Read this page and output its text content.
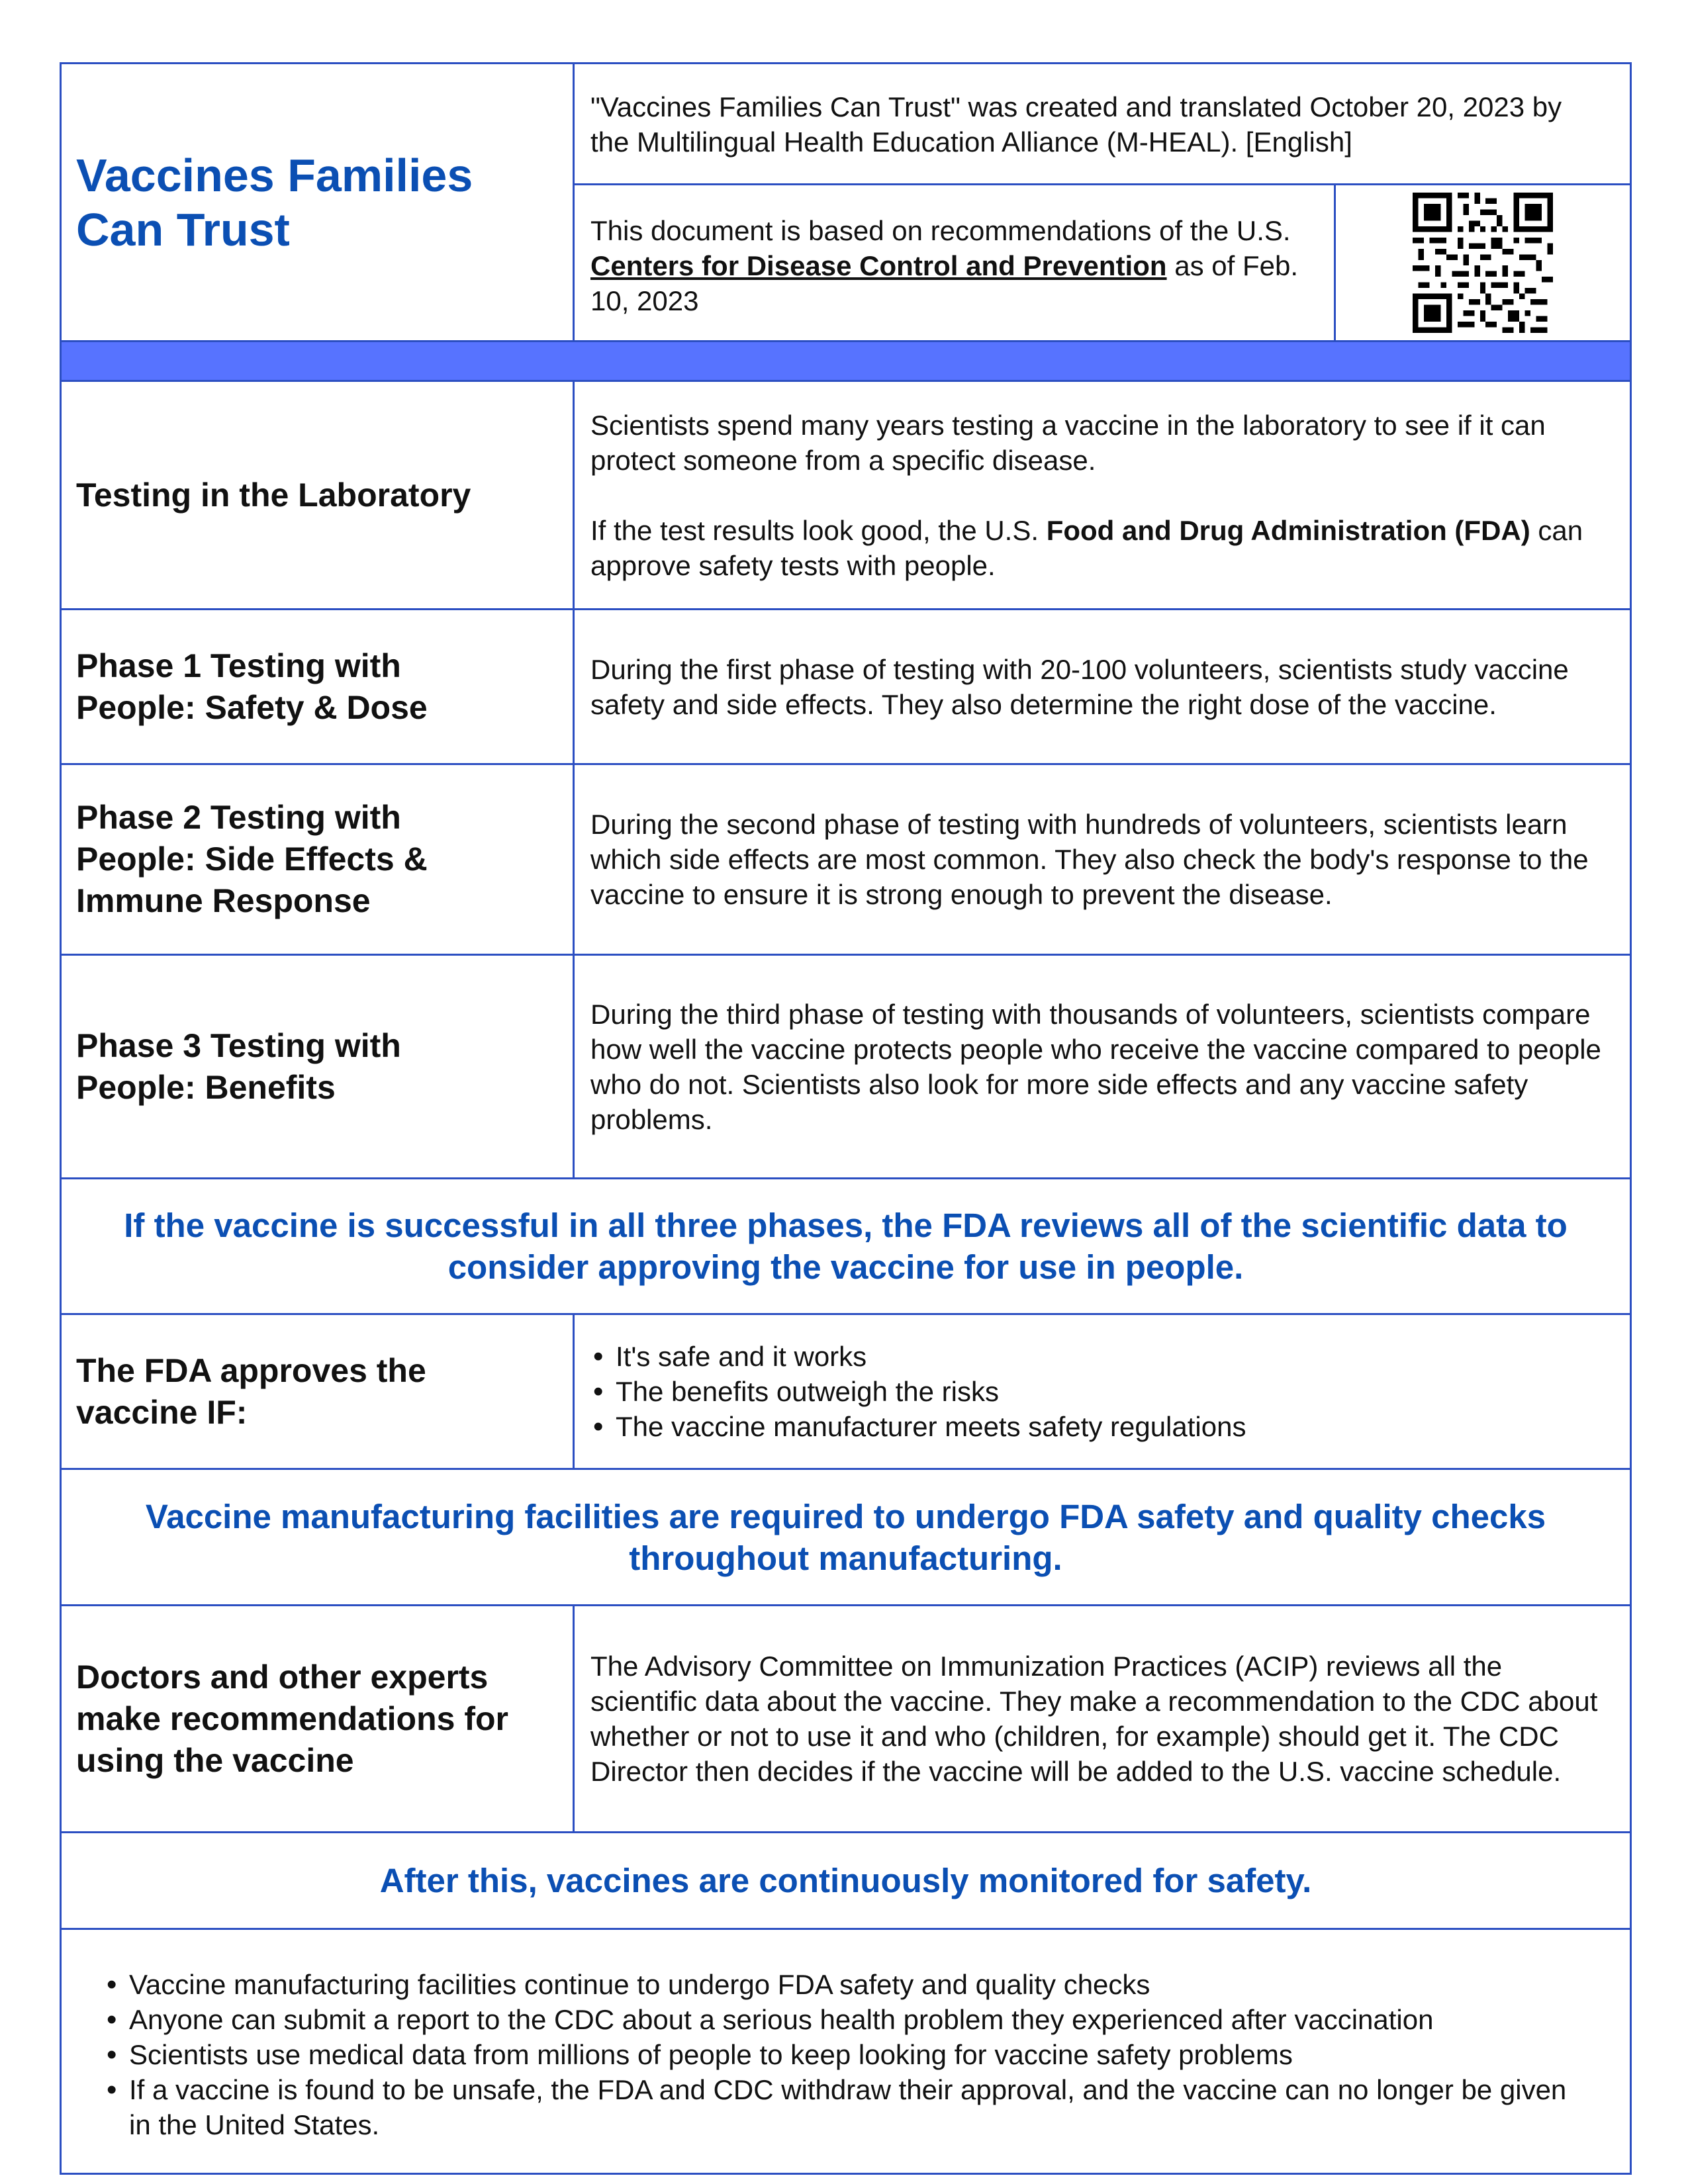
Vaccines Families
Can Trust
"Vaccines Families Can Trust" was created and translated October 20, 2023 by the Multilingual Health Education Alliance (M-HEAL). [English]
This document is based on recommendations of the U.S. Centers for Disease Control and Prevention as of Feb. 10, 2023
Testing in the Laboratory
Scientists spend many years testing a vaccine in the laboratory to see if it can protect someone from a specific disease.
If the test results look good, the U.S. Food and Drug Administration (FDA) can approve safety tests with people.
Phase 1 Testing with
People: Safety & Dose
During the first phase of testing with 20-100 volunteers, scientists study vaccine safety and side effects. They also determine the right dose of the vaccine.
Phase 2 Testing with
People: Side Effects &
Immune Response
During the second phase of testing with hundreds of volunteers, scientists learn which side effects are most common. They also check the body's response to the vaccine to ensure it is strong enough to prevent the disease.
Phase 3 Testing with
People: Benefits
During the third phase of testing with thousands of volunteers, scientists compare how well the vaccine protects people who receive the vaccine compared to people who do not. Scientists also look for more side effects and any vaccine safety problems.
If the vaccine is successful in all three phases, the FDA reviews all of the scientific data to consider approving the vaccine for use in people.
The FDA approves the
vaccine IF:
• It's safe and it works
• The benefits outweigh the risks
• The vaccine manufacturer meets safety regulations
Vaccine manufacturing facilities are required to undergo FDA safety and quality checks throughout manufacturing.
Doctors and other experts
make recommendations for
using the vaccine
The Advisory Committee on Immunization Practices (ACIP) reviews all the scientific data about the vaccine. They make a recommendation to the CDC about whether or not to use it and who (children, for example) should get it. The CDC Director then decides if the vaccine will be added to the U.S. vaccine schedule.
After this, vaccines are continuously monitored for safety.
• Vaccine manufacturing facilities continue to undergo FDA safety and quality checks
• Anyone can submit a report to the CDC about a serious health problem they experienced after vaccination
• Scientists use medical data from millions of people to keep looking for vaccine safety problems
• If a vaccine is found to be unsafe, the FDA and CDC withdraw their approval, and the vaccine can no longer be given in the United States.
